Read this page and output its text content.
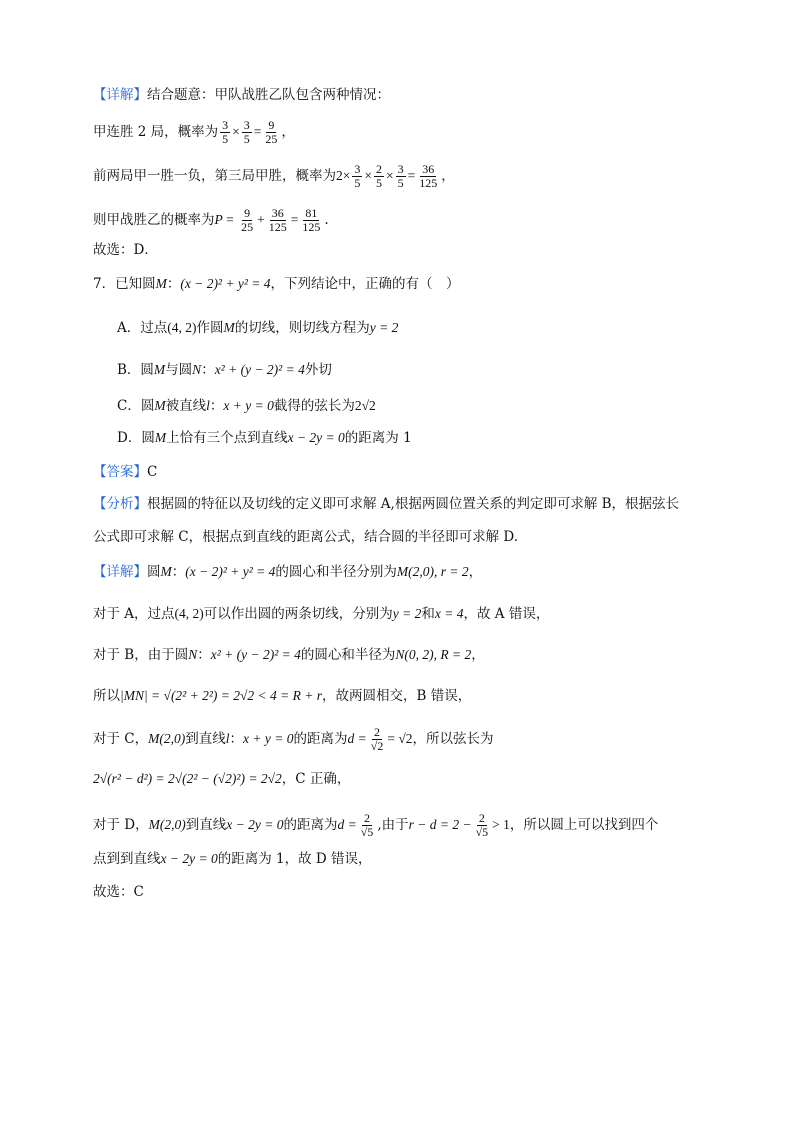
【详解】结合题意：甲队战胜乙队包含两种情况：
甲连胜 2 局，概率为 $\frac{3}{5} \times \frac{3}{5} = \frac{9}{25}$ ，
前两局甲一胜一负，第三局甲胜，概率为$2\times \frac{3}{5} \times \frac{2}{5} \times \frac{3}{5} = \frac{36}{125}$ ，
则甲战胜乙的概率为$P = \frac{9}{25} + \frac{36}{125} = \frac{81}{125}$ .
故选：D．
7．已知圆M：(x − 2)² + y² = 4，下列结论中，正确的有（　）
A．过点(4, 2)作圆M的切线，则切线方程为y = 2
B．圆M与圆N：x² + (y − 2)² = 4外切
C．圆M被直线l：x + y = 0截得的弦长为2√2
D．圆M上恰有三个点到直线x − 2y = 0的距离为 1
【答案】C
【分析】根据圆的特征以及切线的定义即可求解 A,根据两圆位置关系的判定即可求解 B，根据弦长
公式即可求解 C，根据点到直线的距离公式，结合圆的半径即可求解 D.
【详解】圆M：(x − 2)² + y² = 4的圆心和半径分别为M(2,0), r = 2，
对于 A，过点(4, 2)可以作出圆的两条切线，分别为y = 2和x = 4，故 A 错误，
对于 B，由于圆N：x² + (y − 2)² = 4的圆心和半径为N(0, 2), R = 2，
所以|MN| = √(2² + 2²) = 2√2 < 4 = R + r，故两圆相交，B 错误，
对于 C，M(2,0)到直线l：x + y = 0的距离为$d = \frac{2}{√2} = √2$，所以弦长为
2√(r² − d²) = 2√(2² − (√2)²) = 2√2，C 正确，
对于 D，M(2,0)到直线x − 2y = 0的距离为$d = \frac{2}{√5}$ ,由于$r - d = 2 - \frac{2}{√5} > 1$，所以圆上可以找到四个
点到到直线x − 2y = 0的距离为 1，故 D 错误，
故选：C
